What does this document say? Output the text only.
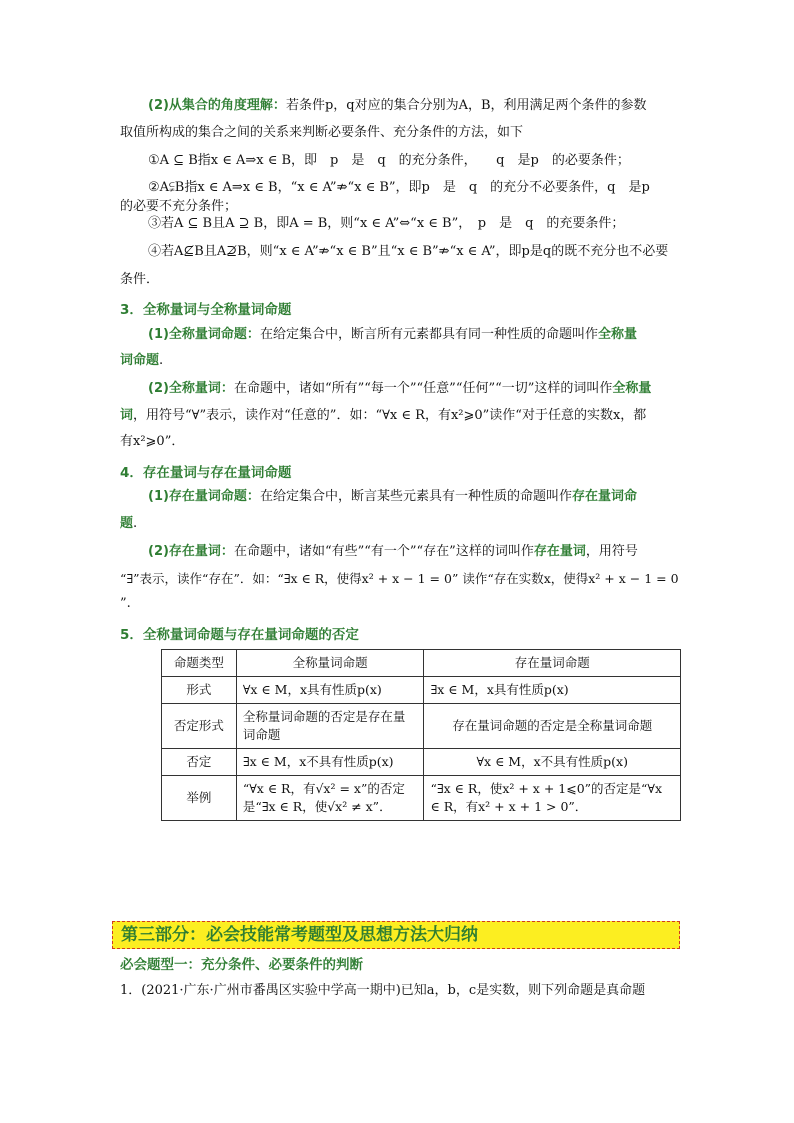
(2)从集合的角度理解：若条件p，q对应的集合分别为A，B，利用满足两个条件的参数
取值所构成的集合之间的关系来判断必要条件、充分条件的方法，如下
①A ⊆ B指x ∈ A⇒x ∈ B，即　p　是　q　的充分条件，　　q　是p　的必要条件；
②A⫋B指x ∈ A⇒x ∈ B，“x ∈ A”⇏“x ∈ B”，即p　是　q　的充分不必要条件，q　是p
的必要不充分条件；
③若A ⊆ B且A ⊇ B，即A = B，则“x ∈ A”⇔“x ∈ B”，　p　是　q　的充要条件；
④若A⊈B且A⊉B，则“x ∈ A”⇏“x ∈ B”且“x ∈ B”⇏“x ∈ A”，即p是q的既不充分也不必要
条件．
3．全称量词与全称量词命题
(1)全称量词命题：在给定集合中，断言所有元素都具有同一种性质的命题叫作全称量
词命题.
(2)全称量词：在命题中，诸如“所有”“每一个”“任意”“任何”“一切”这样的词叫作全称量
词，用符号“∀”表示，读作对“任意的”．如：“∀x ∈ R，有x²⩾0”读作“对于任意的实数x，都
有x²⩾0”．
4．存在量词与存在量词命题
(1)存在量词命题：在给定集合中，断言某些元素具有一种性质的命题叫作存在量词命
题.
(2)存在量词：在命题中，诸如“有些”“有一个”“存在”这样的词叫作存在量词，用符号
“∃”表示，读作“存在”．如：“∃x ∈ R，使得x² + x − 1 = 0” 读作“存在实数x，使得x² + x − 1 = 0
”.
5．全称量词命题与存在量词命题的否定
命题类型	全称量词命题	存在量词命题
形式	∀x ∈ M，x具有性质p(x)	∃x ∈ M，x具有性质p(x)
否定形式	全称量词命题的否定是存在量词命题	存在量词命题的否定是全称量词命题
否定	∃x ∈ M，x不具有性质p(x)	∀x ∈ M，x不具有性质p(x)
举例	“∀x ∈ R，有√x² = x”的否定是“∃x ∈ R，使√x² ≠ x”．	“∃x ∈ R，使x² + x + 1⩽0”的否定是“∀x ∈ R，有x² + x + 1 > 0”．
第三部分：必会技能常考题型及思想方法大归纳
必会题型一：充分条件、必要条件的判断
1．(2021·广东·广州市番禺区实验中学高一期中)已知a，b，c是实数，则下列命题是真命题
